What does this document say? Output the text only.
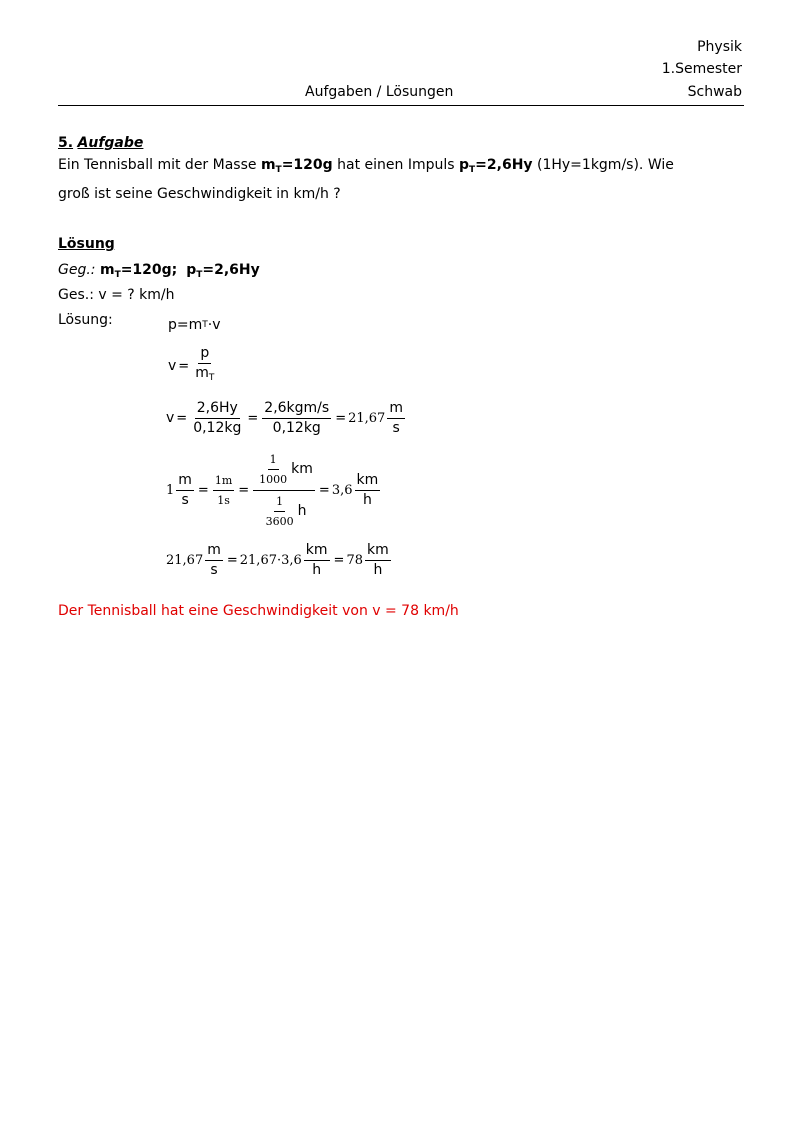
Physik
1.Semester
Aufgaben / Lösungen	Schwab
5. Aufgabe
Ein Tennisball mit der Masse $m_T=120g$ hat einen Impuls $p_T=2,6Hy$ (1Hy=1kgm/s). Wie
groß ist seine Geschwindigkeit in km/h ?
Lösung
Geg.: $m_T=120g$; $p_T=2,6Hy$
Ges.: v = ? km/h
Lösung:	p=m T ·v
$v = \frac{p}{m_T}$
$v = \frac{2,6Hy}{0,12kg} = \frac{\text{2,6kgm/s}}{0,12kg} = 21,67 \frac{m}{s}$
$1 \frac{m}{s} = \frac{1m}{1s} = \frac{\frac{1}{1000} km}{\frac{1}{3600} h} = 3,6 \frac{km}{h}$
$21,67 \frac{m}{s} = 21,67\cdot 3,6 \frac{km}{h} = 78 \frac{km}{h}$
Der Tennisball hat eine Geschwindigkeit von v = 78 km/h
